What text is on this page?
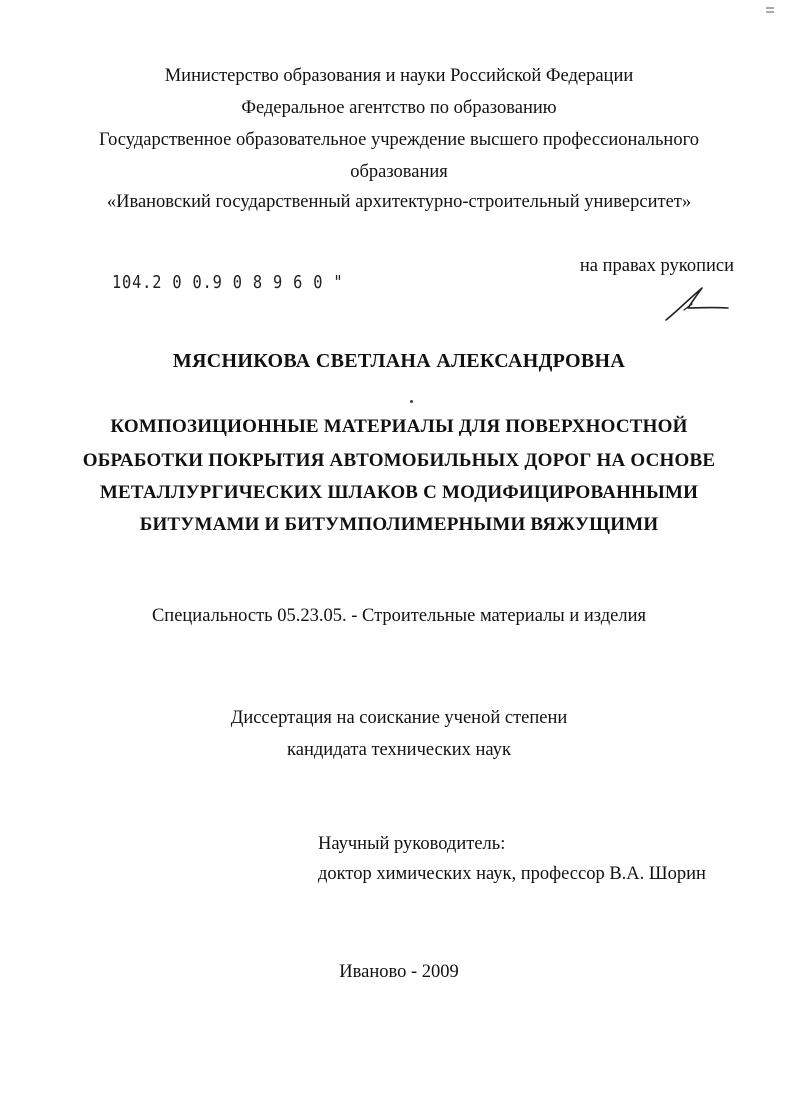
Министерство образования и науки Российской Федерации
Федеральное агентство по образованию
Государственное образовательное учреждение высшего профессионального
образования
«Ивановский государственный архитектурно-строительный университет»
104.2 0 0.9 0 8 9 6 0 "
на правах рукописи
МЯСНИКОВА СВЕТЛАНА АЛЕКСАНДРОВНА
КОМПОЗИЦИОННЫЕ МАТЕРИАЛЫ ДЛЯ ПОВЕРХНОСТНОЙ
ОБРАБОТКИ ПОКРЫТИЯ АВТОМОБИЛЬНЫХ ДОРОГ НА ОСНОВЕ
МЕТАЛЛУРГИЧЕСКИХ ШЛАКОВ С МОДИФИЦИРОВАННЫМИ
БИТУМАМИ И БИТУМПОЛИМЕРНЫМИ ВЯЖУЩИМИ
Специальность 05.23.05. - Строительные материалы и изделия
Диссертация на соискание ученой степени
кандидата технических наук
Научный руководитель:
доктор химических наук, профессор В.А. Шорин
Иваново - 2009
